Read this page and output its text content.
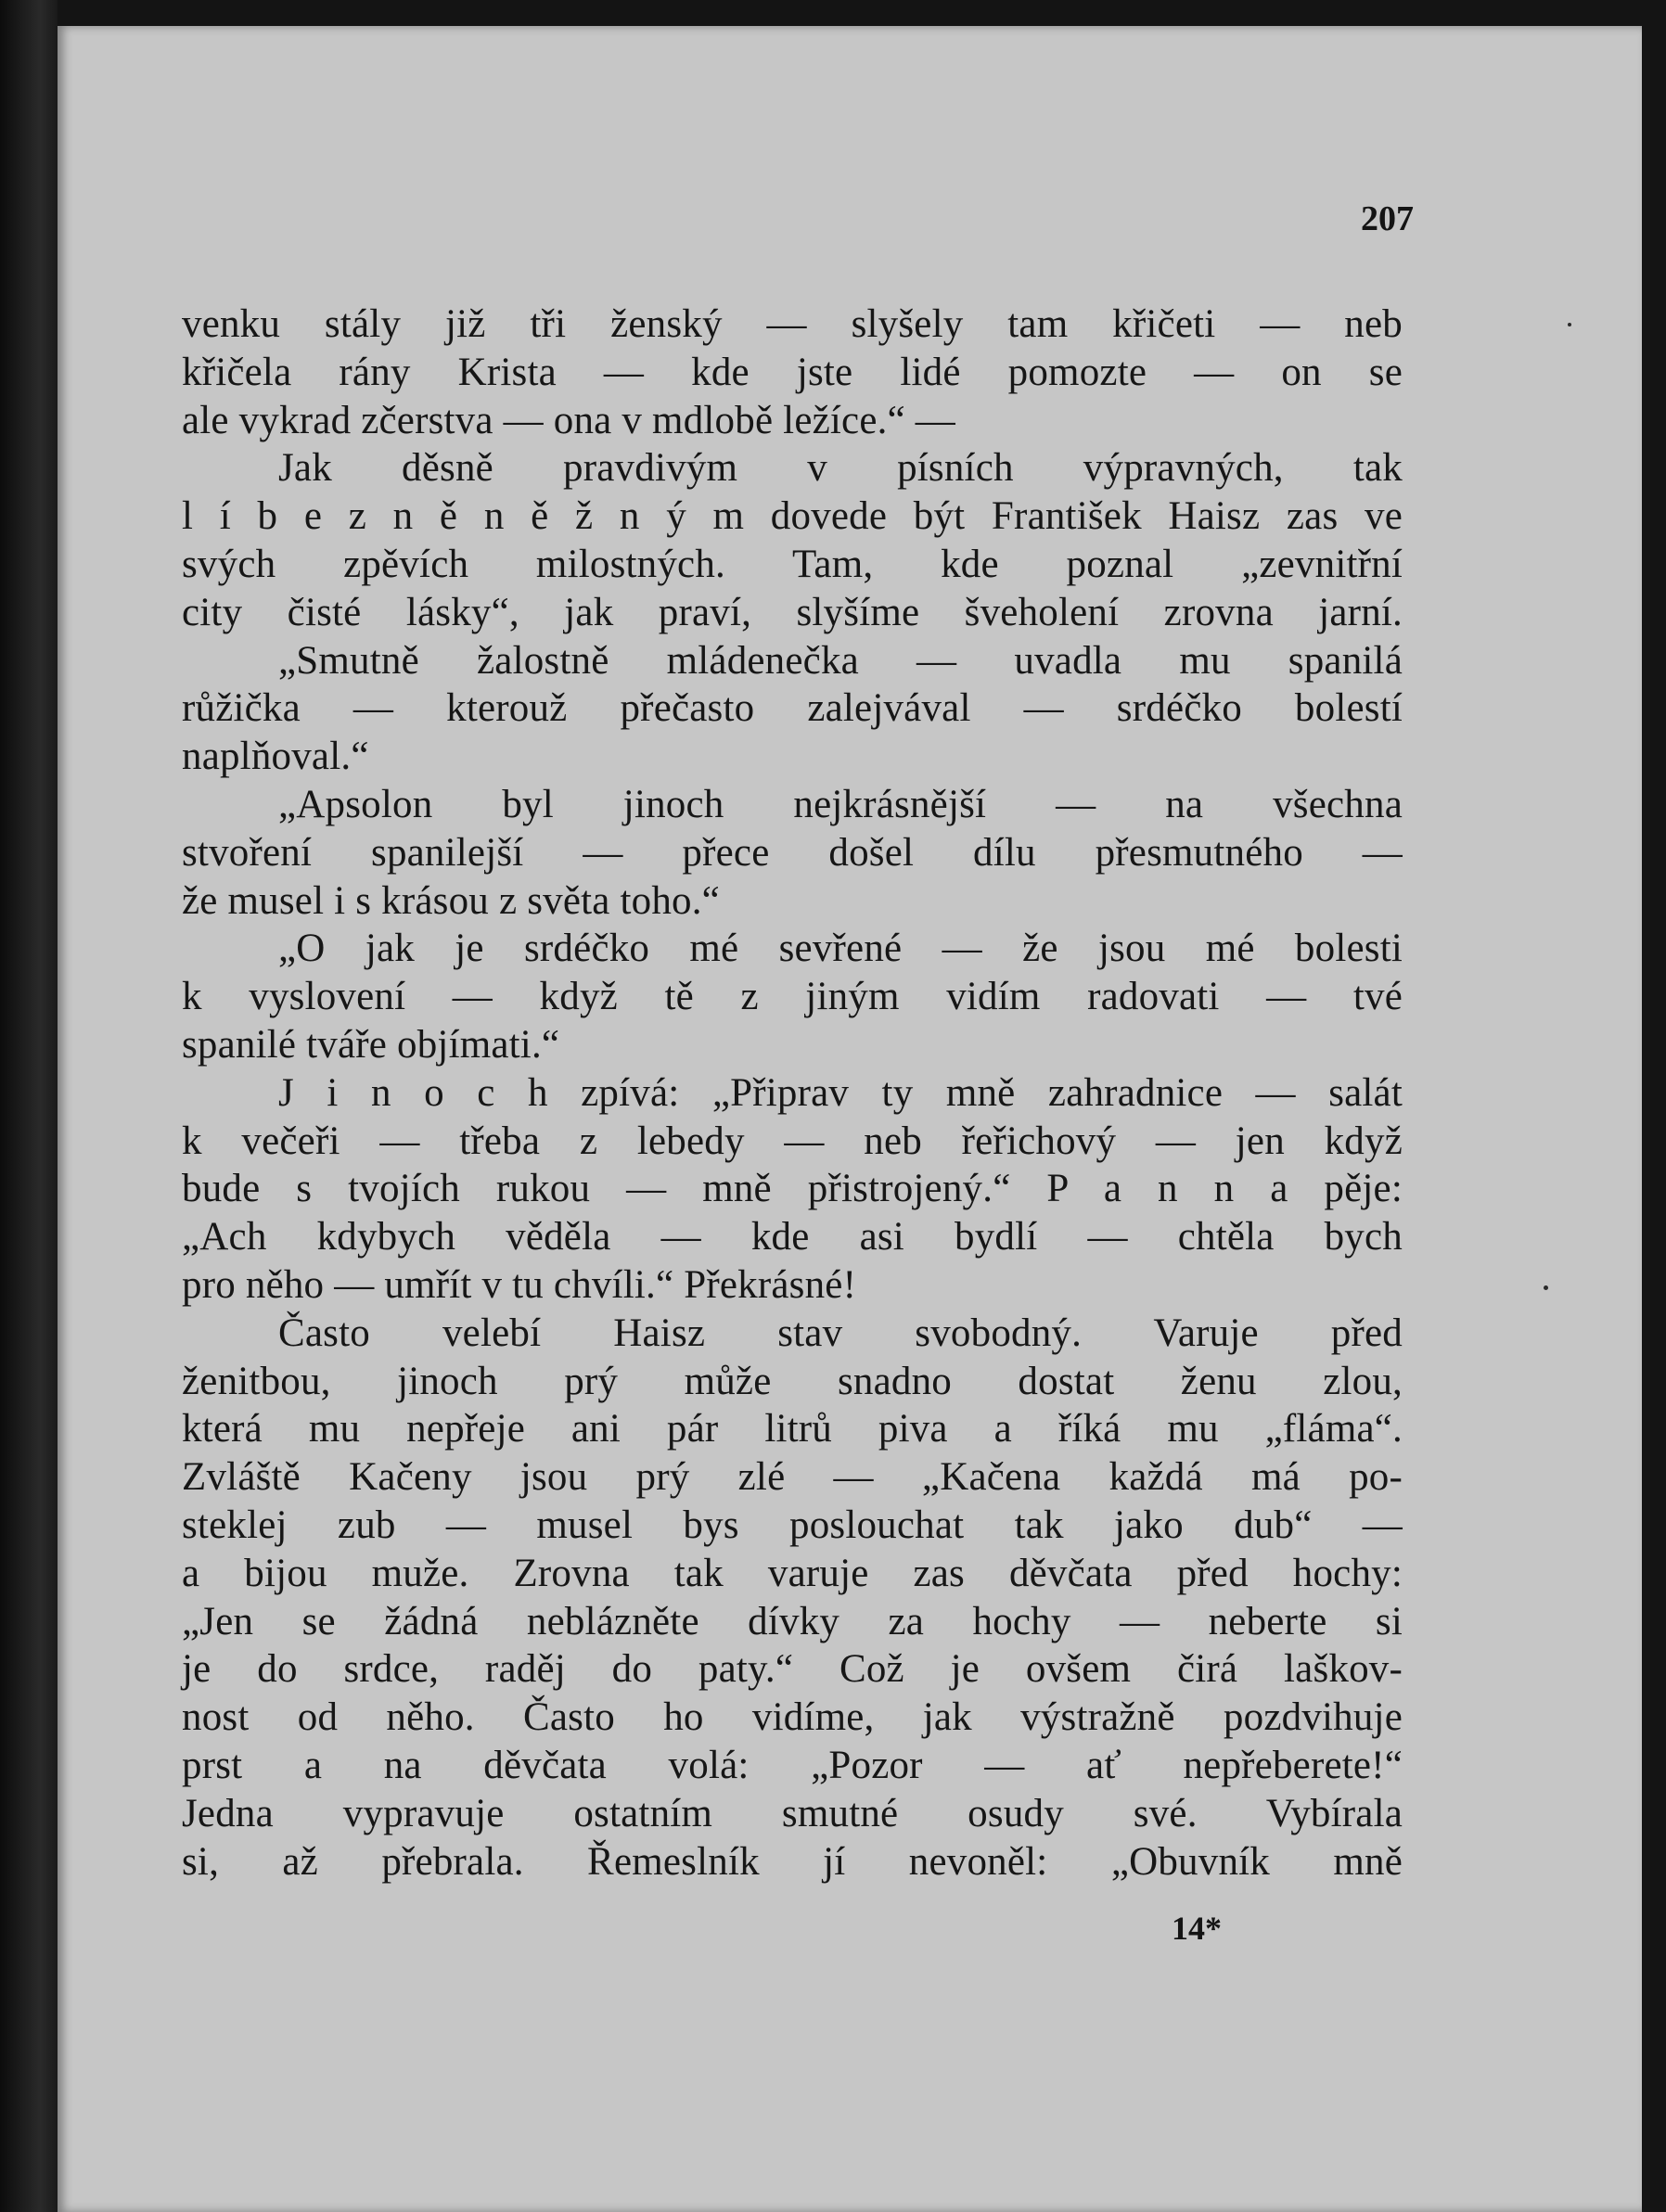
207
venku stály již tři ženský — slyšely tam křičeti — neb
křičela rány Krista — kde jste lidé pomozte — on se
ale vykrad zčerstva — ona v mdlobě ležíce.“ —
Jak děsně pravdivým v písních výpravných, tak
l í b e z n ě n ě ž n ý m dovede být František Haisz zas ve
svých zpěvích milostných. Tam, kde poznal „zevnitřní
city čisté lásky“, jak praví, slyšíme šveholení zrovna jarní.
„Smutně žalostně mládenečka — uvadla mu spanilá
růžička — kterouž přečasto zalejvával — srdéčko bolestí
naplňoval.“
„Apsolon byl jinoch nejkrásnější — na všechna
stvoření spanilejší — přece došel dílu přesmutného —
že musel i s krásou z světa toho.“
„O jak je srdéčko mé sevřené — že jsou mé bolesti
k vyslovení — když tě z jiným vidím radovati — tvé
spanilé tváře objímati.“
J i n o c h zpívá: „Připrav ty mně zahradnice — salát
k večeři — třeba z lebedy — neb řeřichový — jen když
bude s tvojích rukou — mně přistrojený.“ P a n n a pěje:
„Ach kdybych věděla — kde asi bydlí — chtěla bych
pro něho — umřít v tu chvíli.“ Překrásné!
Často velebí Haisz stav svobodný. Varuje před
ženitbou, jinoch prý může snadno dostat ženu zlou,
která mu nepřeje ani pár litrů piva a říká mu „fláma“.
Zvláště Kačeny jsou prý zlé — „Kačena každá má po-
steklej zub — musel bys poslouchat tak jako dub“ —
a bijou muže. Zrovna tak varuje zas děvčata před hochy:
„Jen se žádná neblázněte dívky za hochy — neberte si
je do srdce, raděj do paty.“ Což je ovšem čirá laškov-
nost od něho. Často ho vidíme, jak výstražně pozdvihuje
prst a na děvčata volá: „Pozor — ať nepřeberete!“
Jedna vypravuje ostatním smutné osudy své. Vybírala
si, až přebrala. Řemeslník jí nevoněl: „Obuvník mně
14*
